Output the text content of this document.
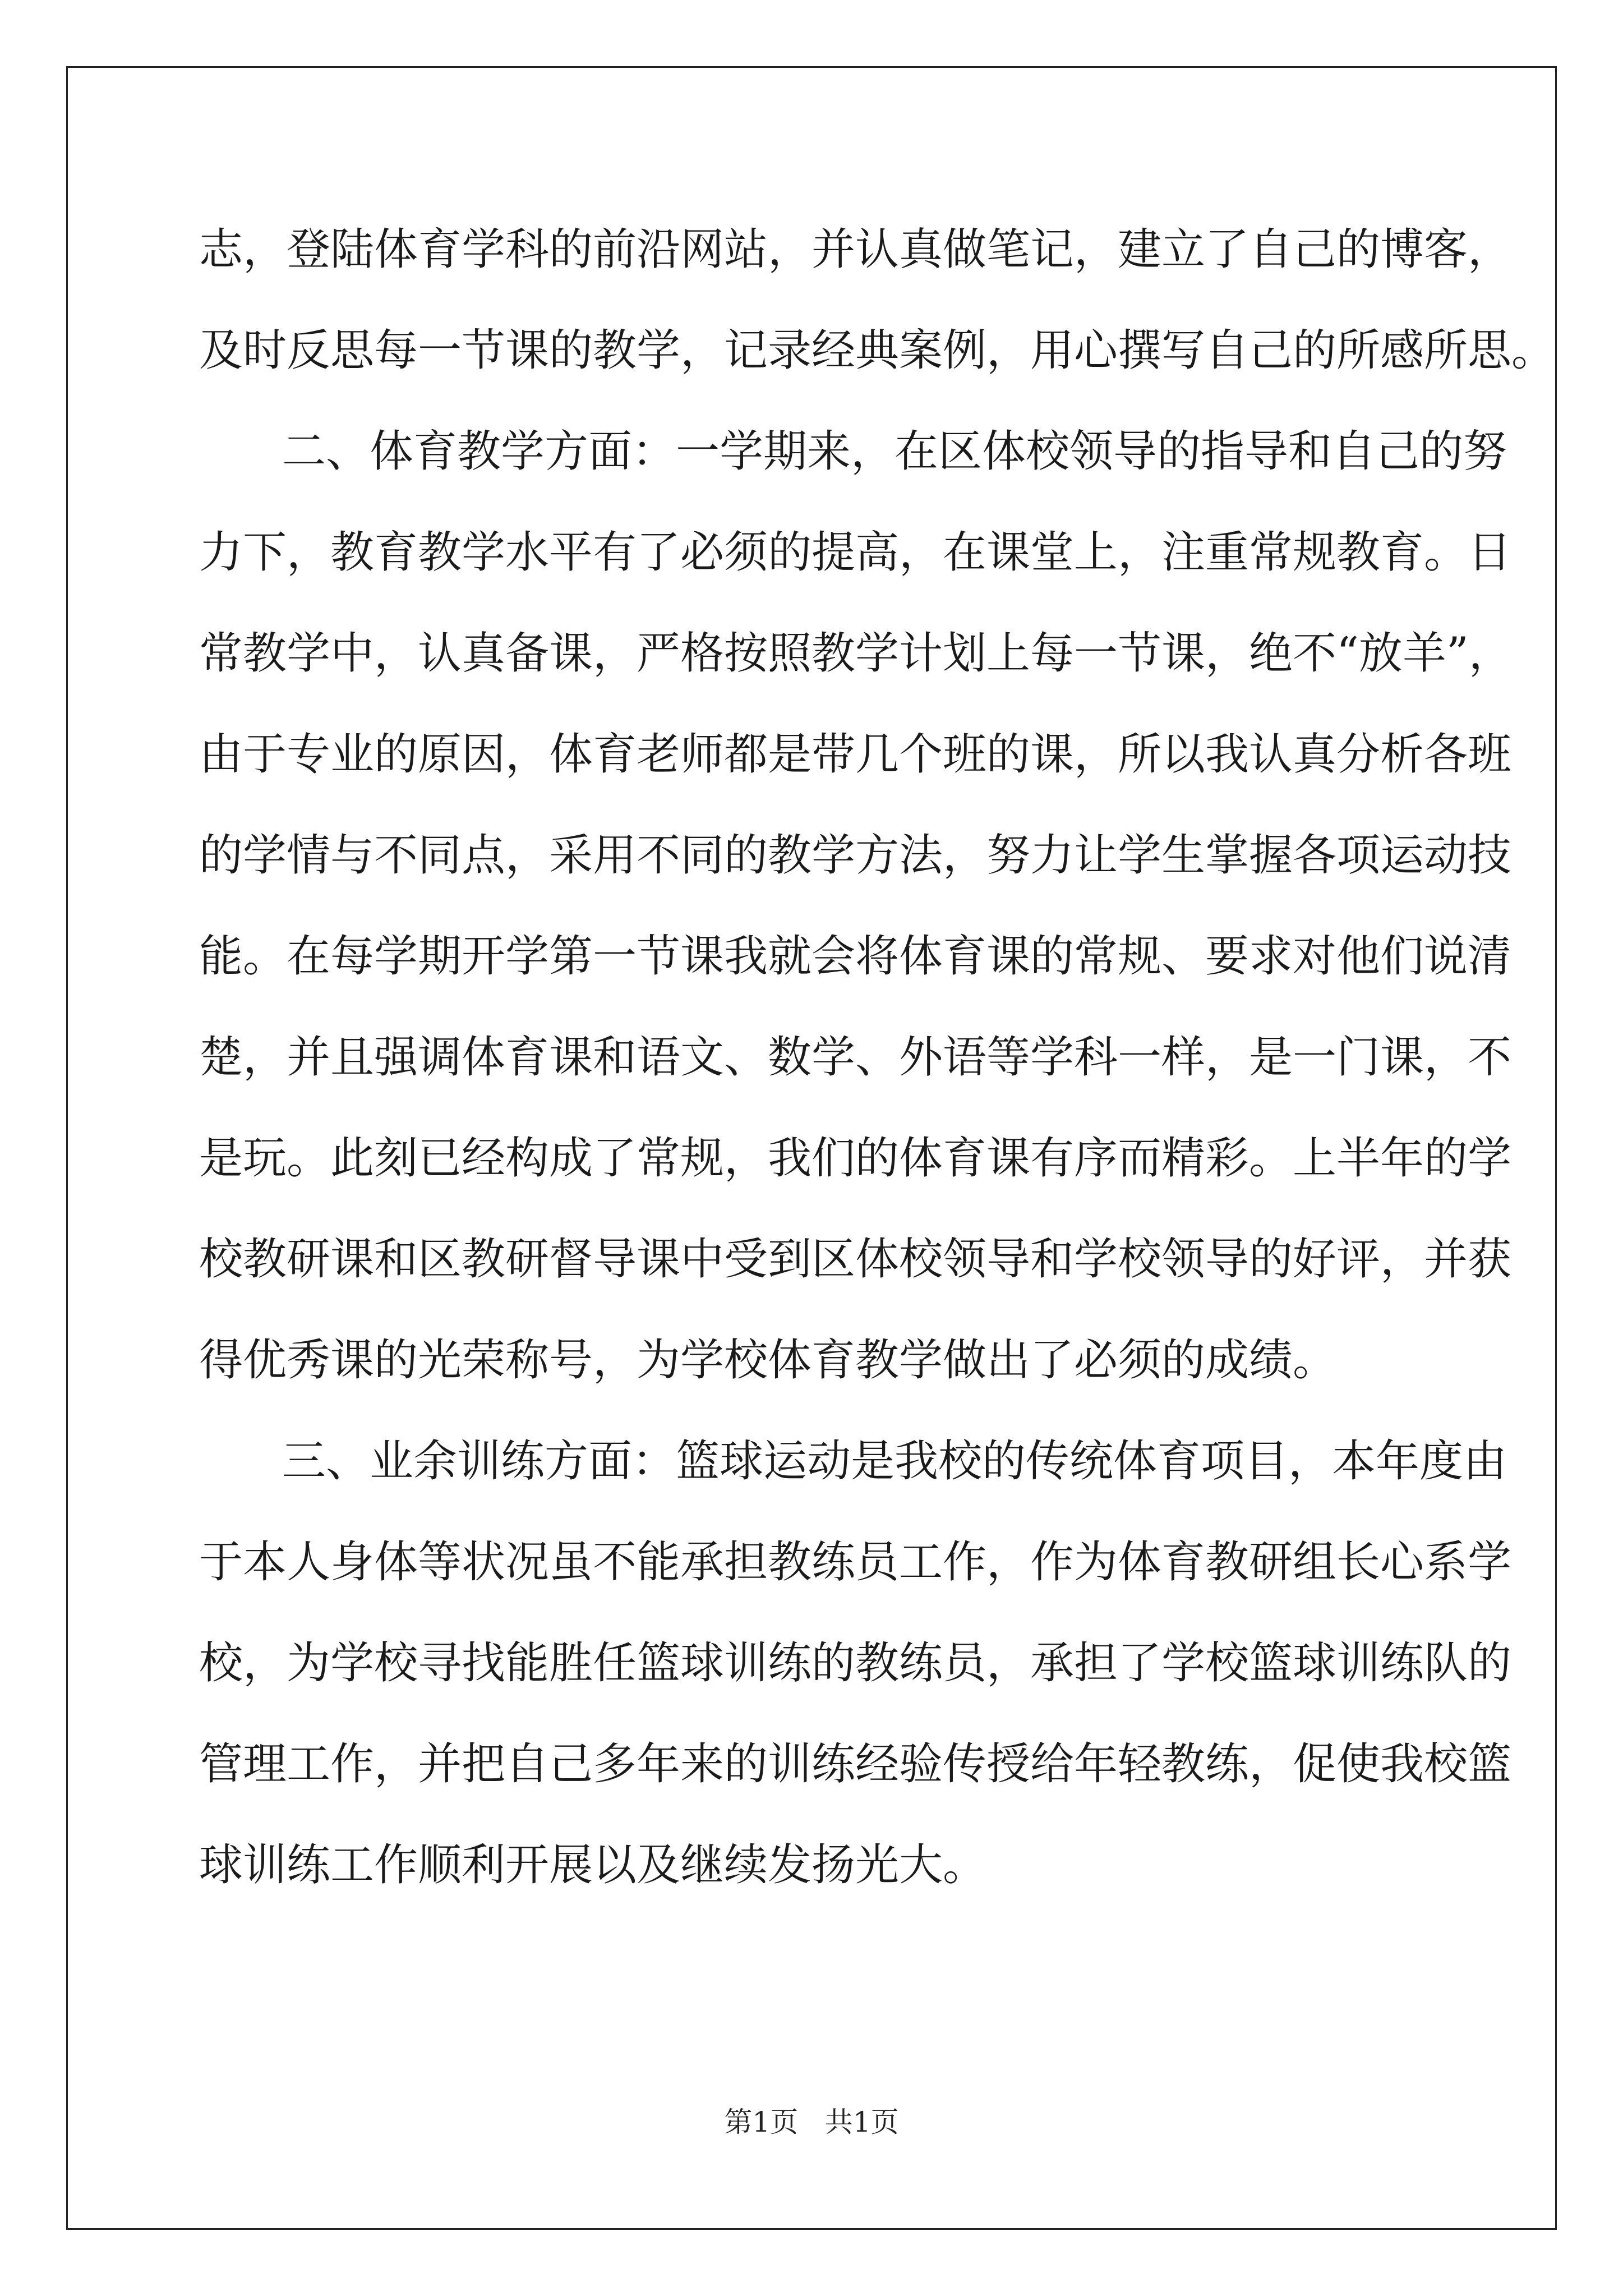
志，登陆体育学科的前沿网站，并认真做笔记，建立了自己的博客，
及时反思每一节课的教学，记录经典案例，用心撰写自己的所感所思。
二、体育教学方面：一学期来，在区体校领导的指导和自己的努
力下，教育教学水平有了必须的提高，在课堂上，注重常规教育。日
常教学中，认真备课，严格按照教学计划上每一节课，绝不“放羊”，
由于专业的原因，体育老师都是带几个班的课，所以我认真分析各班
的学情与不同点，采用不同的教学方法，努力让学生掌握各项运动技
能。在每学期开学第一节课我就会将体育课的常规、要求对他们说清
楚，并且强调体育课和语文、数学、外语等学科一样，是一门课，不
是玩。此刻已经构成了常规，我们的体育课有序而精彩。上半年的学
校教研课和区教研督导课中受到区体校领导和学校领导的好评，并获
得优秀课的光荣称号，为学校体育教学做出了必须的成绩。
三、业余训练方面：篮球运动是我校的传统体育项目，本年度由
于本人身体等状况虽不能承担教练员工作，作为体育教研组长心系学
校，为学校寻找能胜任篮球训练的教练员，承担了学校篮球训练队的
管理工作，并把自己多年来的训练经验传授给年轻教练，促使我校篮
球训练工作顺利开展以及继续发扬光大。
第1页   共1页
